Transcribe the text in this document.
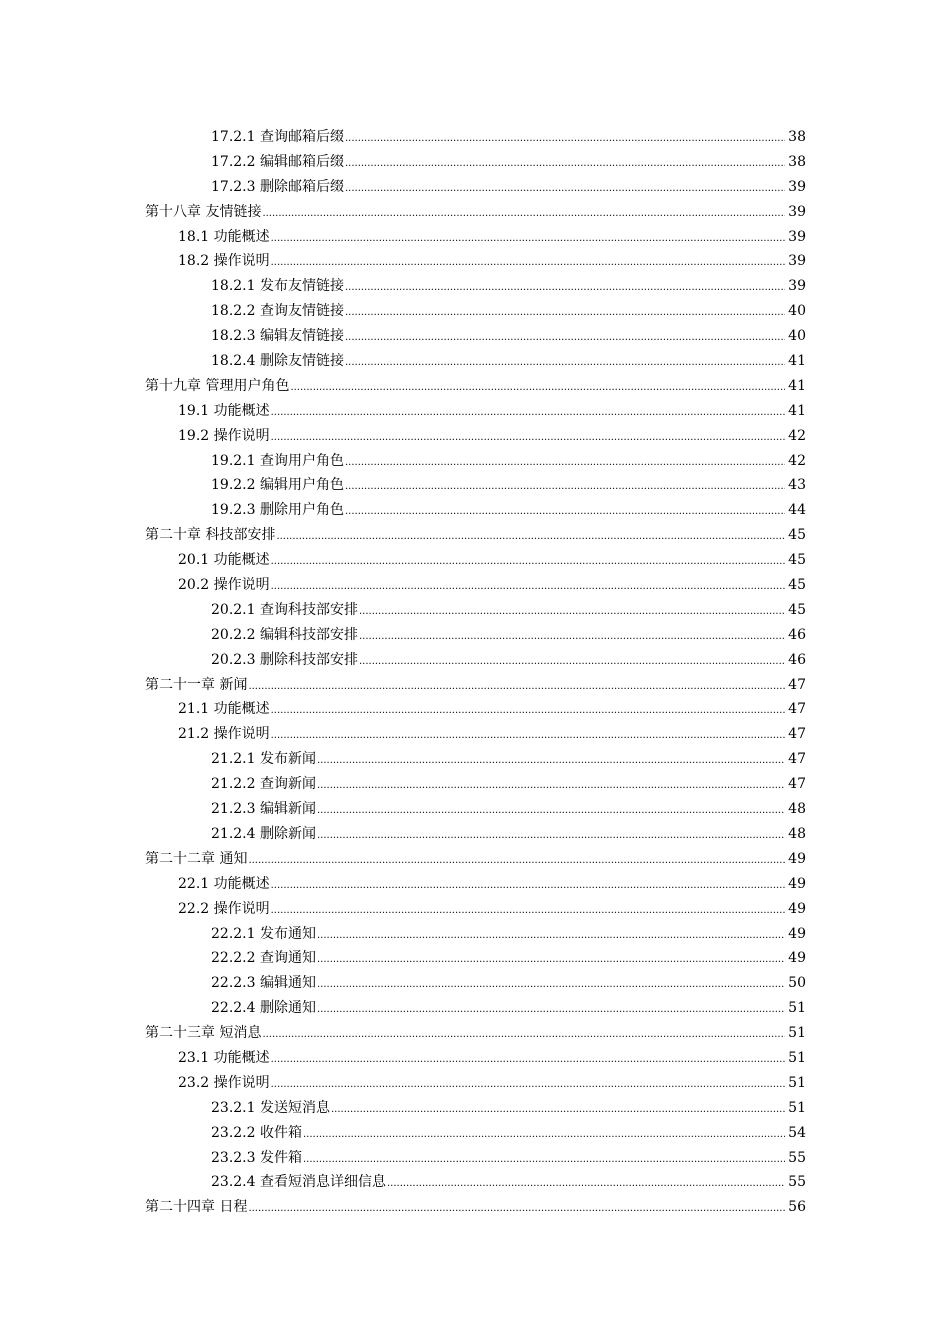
17.2.1 查询邮箱后缀 .....	38
17.2.2 编辑邮箱后缀 .....	38
17.2.3 删除邮箱后缀 .....	39
第十八章 友情链接 .....	39
18.1 功能概述 .....	39
18.2 操作说明 .....	39
18.2.1 发布友情链接 .....	39
18.2.2 查询友情链接 .....	40
18.2.3 编辑友情链接 .....	40
18.2.4 删除友情链接 .....	41
第十九章 管理用户角色 .....	41
19.1 功能概述 .....	41
19.2 操作说明 .....	42
19.2.1 查询用户角色 .....	42
19.2.2 编辑用户角色 .....	43
19.2.3 删除用户角色 .....	44
第二十章 科技部安排 .....	45
20.1 功能概述 .....	45
20.2 操作说明 .....	45
20.2.1 查询科技部安排 .....	45
20.2.2 编辑科技部安排 .....	46
20.2.3 删除科技部安排 .....	46
第二十一章 新闻 .....	47
21.1 功能概述 .....	47
21.2 操作说明 .....	47
21.2.1 发布新闻 .....	47
21.2.2 查询新闻 .....	47
21.2.3 编辑新闻 .....	48
21.2.4 删除新闻 .....	48
第二十二章 通知 .....	49
22.1 功能概述 .....	49
22.2 操作说明 .....	49
22.2.1 发布通知 .....	49
22.2.2 查询通知 .....	49
22.2.3 编辑通知 .....	50
22.2.4 删除通知 .....	51
第二十三章 短消息 .....	51
23.1 功能概述 .....	51
23.2 操作说明 .....	51
23.2.1 发送短消息 .....	51
23.2.2 收件箱 .....	54
23.2.3 发件箱 .....	55
23.2.4 查看短消息详细信息 .....	55
第二十四章 日程 .....	56
